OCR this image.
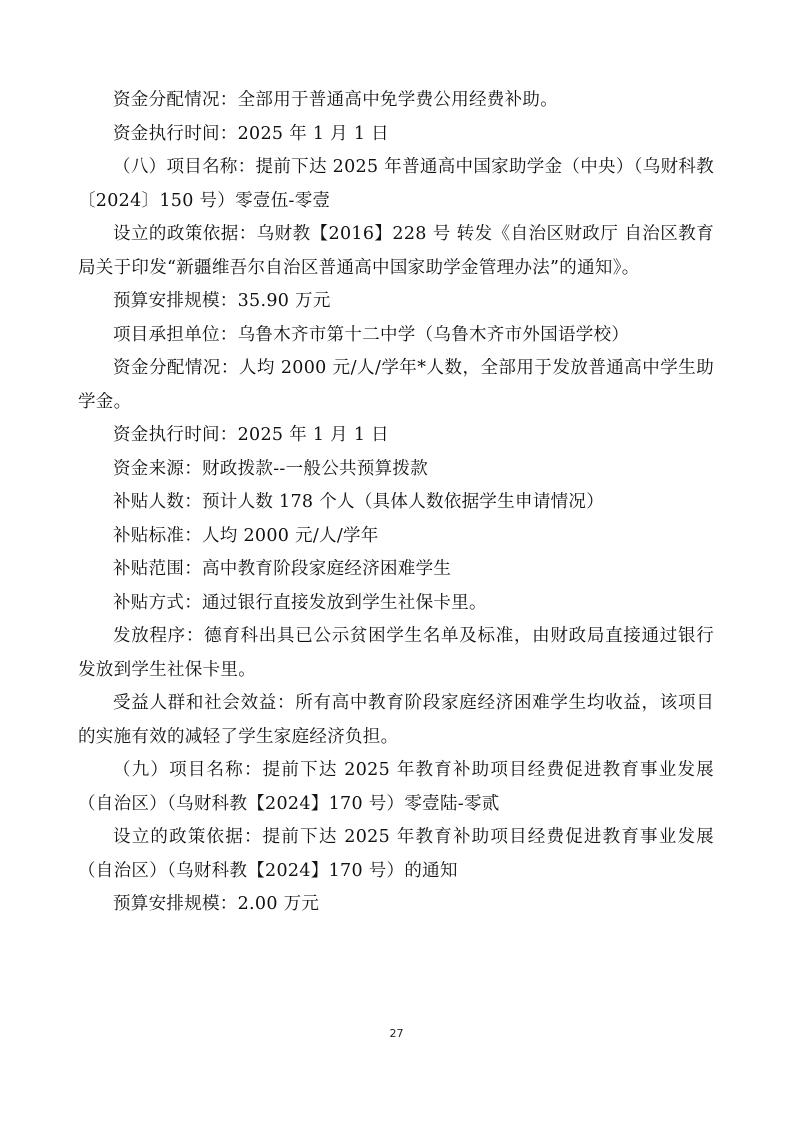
资金分配情况：全部用于普通高中免学费公用经费补助。

资金执行时间：2025 年 1 月 1 日

（八）项目名称：提前下达 2025 年普通高中国家助学金（中央）（乌财科教〔2024〕150 号）零壹伍-零壹

设立的政策依据：乌财教【2016】228 号 转发《自治区财政厅 自治区教育局关于印发“新疆维吾尔自治区普通高中国家助学金管理办法”的通知》。

预算安排规模：35.90 万元

项目承担单位：乌鲁木齐市第十二中学（乌鲁木齐市外国语学校）

资金分配情况：人均 2000 元/人/学年*人数，全部用于发放普通高中学生助学金。

资金执行时间：2025 年 1 月 1 日

资金来源：财政拨款--一般公共预算拨款

补贴人数：预计人数 178 个人（具体人数依据学生申请情况）

补贴标准：人均 2000 元/人/学年

补贴范围：高中教育阶段家庭经济困难学生

补贴方式：通过银行直接发放到学生社保卡里。

发放程序：德育科出具已公示贫困学生名单及标准，由财政局直接通过银行发放到学生社保卡里。

受益人群和社会效益：所有高中教育阶段家庭经济困难学生均收益，该项目的实施有效的减轻了学生家庭经济负担。

（九）项目名称：提前下达 2025 年教育补助项目经费促进教育事业发展（自治区）（乌财科教【2024】170 号）零壹陆-零贰

设立的政策依据：提前下达 2025 年教育补助项目经费促进教育事业发展（自治区）（乌财科教【2024】170 号）的通知

预算安排规模：2.00 万元

27
